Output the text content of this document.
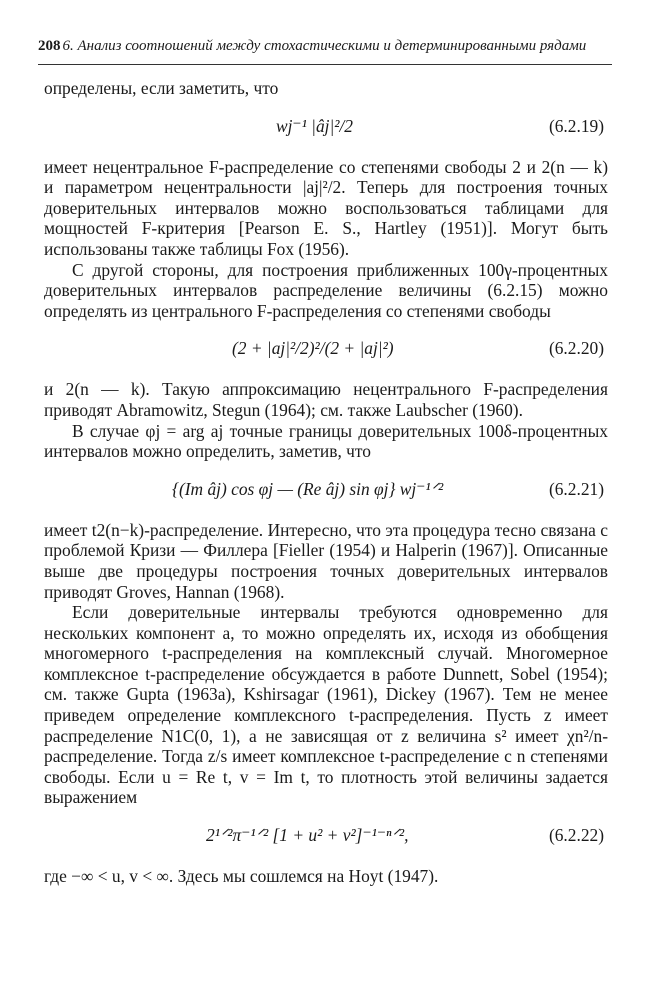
208 6. Анализ соотношений между стохастическими и детерминированными рядами

определены, если заметить, что

wj⁻¹ |âj|²/2	(6.2.19)

имеет нецентральное F-распределение со степенями свободы 2 и 2(n — k) и параметром нецентральности |aj|²/2. Теперь для построения точных доверительных интервалов можно воспользоваться таблицами для мощностей F-критерия [Pearson E. S., Hartley (1951)]. Могут быть использованы также таблицы Fox (1956).

С другой стороны, для построения приближенных 100γ-процентных доверительных интервалов распределение величины (6.2.15) можно определять из центрального F-распределения со степенями свободы

(2 + |aj|²/2)²/(2 + |aj|²)	(6.2.20)

и 2(n — k). Такую аппроксимацию нецентрального F-распределения приводят Abramowitz, Stegun (1964); см. также Laubscher (1960).

В случае φj = arg aj точные границы доверительных 100δ-процентных интервалов можно определить, заметив, что

{(Im âj) cos φj — (Re âj) sin φj} wj⁻¹ᐟ²	(6.2.21)

имеет t2(n−k)-распределение. Интересно, что эта процедура тесно связана с проблемой Кризи — Филлера [Fieller (1954) и Halperin (1967)]. Описанные выше две процедуры построения точных доверительных интервалов приводят Groves, Hannan (1968).

Если доверительные интервалы требуются одновременно для нескольких компонент a, то можно определять их, исходя из обобщения многомерного t-распределения на комплексный случай. Многомерное комплексное t-распределение обсуждается в работе Dunnett, Sobel (1954); см. также Gupta (1963a), Kshirsagar (1961), Dickey (1967). Тем не менее приведем определение комплексного t-распределения. Пусть z имеет распределение N1C(0, 1), а не зависящая от z величина s² имеет χn²/n-распределение. Тогда z/s имеет комплексное t-распределение с n степенями свободы. Если u = Re t, v = Im t, то плотность этой величины задается выражением

2¹ᐟ²π⁻¹ᐟ² [1 + u² + v²]⁻¹⁻ⁿᐟ²,	(6.2.22)

где −∞ < u, v < ∞. Здесь мы сошлемся на Hoyt (1947).
